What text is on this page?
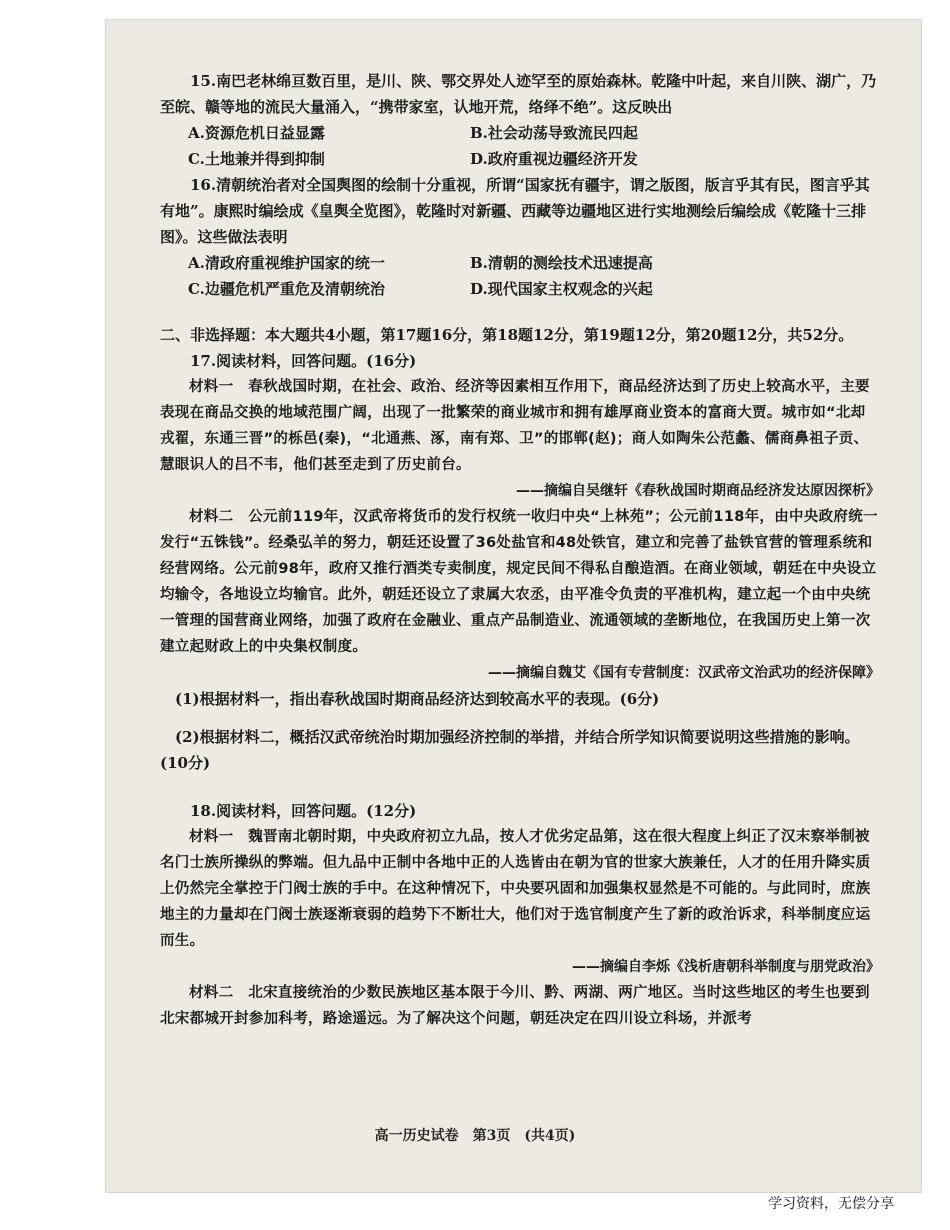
15.南巴老林绵亘数百里，是川、陕、鄂交界处人迹罕至的原始森林。乾隆中叶起，来自川陕、湖广，乃至皖、赣等地的流民大量涌入，“携带家室，认地开荒，络绎不绝”。这反映出

A.资源危机日益显露	B.社会动荡导致流民四起
C.土地兼并得到抑制	D.政府重视边疆经济开发

16.清朝统治者对全国舆图的绘制十分重视，所谓“国家抚有疆宇，谓之版图，版言乎其有民，图言乎其有地”。康熙时编绘成《皇舆全览图》，乾隆时对新疆、西藏等边疆地区进行实地测绘后编绘成《乾隆十三排图》。这些做法表明

A.清政府重视维护国家的统一	B.清朝的测绘技术迅速提高
C.边疆危机严重危及清朝统治	D.现代国家主权观念的兴起

二、非选择题：本大题共4小题，第17题16分，第18题12分，第19题12分，第20题12分，共52分。

17.阅读材料，回答问题。(16分)

材料一　春秋战国时期，在社会、政治、经济等因素相互作用下，商品经济达到了历史上较高水平，主要表现在商品交换的地域范围广阔，出现了一批繁荣的商业城市和拥有雄厚商业资本的富商大贾。城市如“北却戎翟，东通三晋”的栎邑(秦)，“北通燕、涿，南有郑、卫”的邯郸(赵)；商人如陶朱公范蠡、儒商鼻祖子贡、慧眼识人的吕不韦，他们甚至走到了历史前台。

——摘编自吴继轩《春秋战国时期商品经济发达原因探析》

材料二　公元前119年，汉武帝将货币的发行权统一收归中央“上林苑”；公元前118年，由中央政府统一发行“五铢钱”。经桑弘羊的努力，朝廷还设置了36处盐官和48处铁官，建立和完善了盐铁官营的管理系统和经营网络。公元前98年，政府又推行酒类专卖制度，规定民间不得私自酿造酒。在商业领域，朝廷在中央设立均输令，各地设立均输官。此外，朝廷还设立了隶属大农丞，由平准令负责的平准机构，建立起一个由中央统一管理的国营商业网络，加强了政府在金融业、重点产品制造业、流通领域的垄断地位，在我国历史上第一次建立起财政上的中央集权制度。

——摘编自魏艾《国有专营制度：汉武帝文治武功的经济保障》

(1)根据材料一，指出春秋战国时期商品经济达到较高水平的表现。(6分)

(2)根据材料二，概括汉武帝统治时期加强经济控制的举措，并结合所学知识简要说明这些措施的影响。(10分)

18.阅读材料，回答问题。(12分)

材料一　魏晋南北朝时期，中央政府初立九品，按人才优劣定品第，这在很大程度上纠正了汉末察举制被名门士族所操纵的弊端。但九品中正制中各地中正的人选皆由在朝为官的世家大族兼任，人才的任用升降实质上仍然完全掌控于门阀士族的手中。在这种情况下，中央要巩固和加强集权显然是不可能的。与此同时，庶族地主的力量却在门阀士族逐渐衰弱的趋势下不断壮大，他们对于选官制度产生了新的政治诉求，科举制度应运而生。

——摘编自李烁《浅析唐朝科举制度与朋党政治》

材料二　北宋直接统治的少数民族地区基本限于今川、黔、两湖、两广地区。当时这些地区的考生也要到北宋都城开封参加科考，路途遥远。为了解决这个问题，朝廷决定在四川设立科场，并派考

高一历史试卷　第3页　(共4页)
学习资料，无偿分享
